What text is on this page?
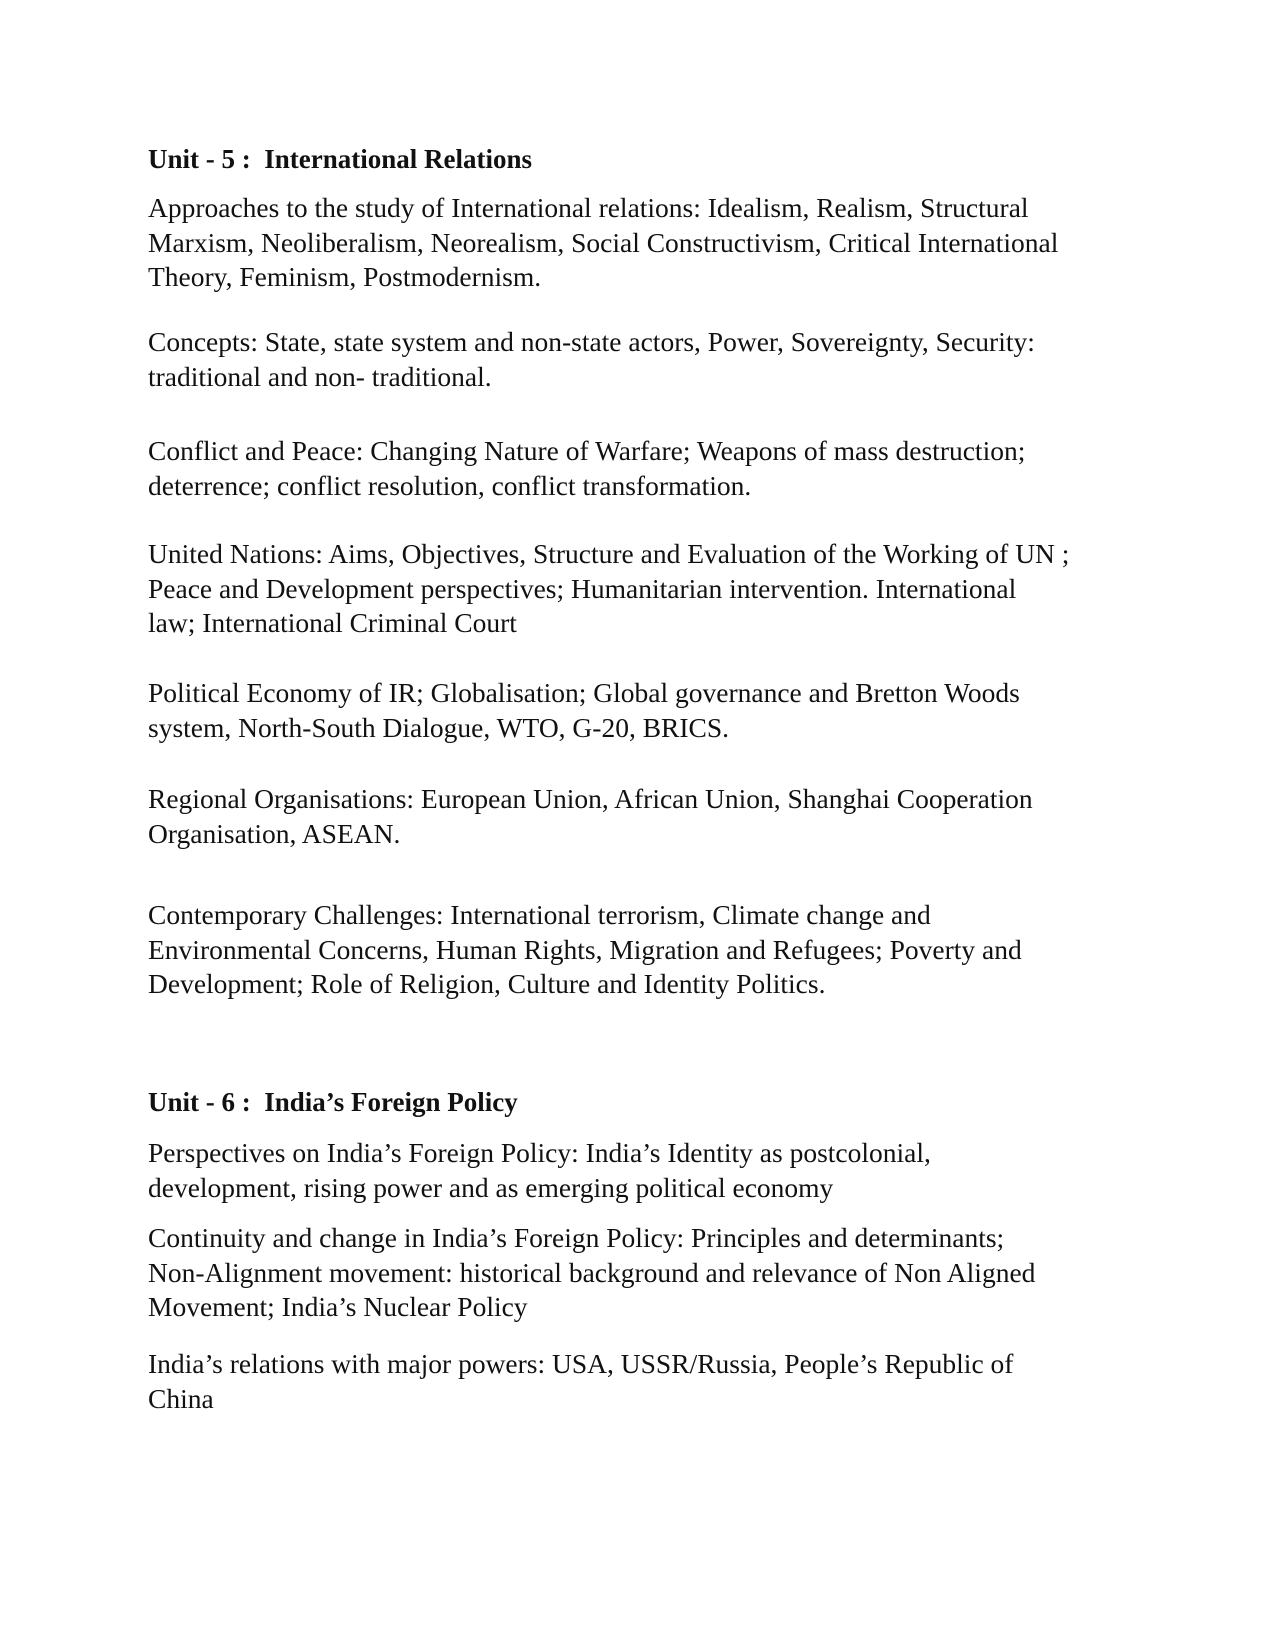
Unit - 5 :  International Relations

Approaches to the study of International relations: Idealism, Realism, Structural
Marxism, Neoliberalism, Neorealism, Social Constructivism, Critical International
Theory, Feminism, Postmodernism.

Concepts: State, state system and non-state actors, Power, Sovereignty, Security:
traditional and non- traditional.

Conflict and Peace: Changing Nature of Warfare; Weapons of mass destruction;
deterrence; conflict resolution, conflict transformation.

United Nations: Aims, Objectives, Structure and Evaluation of the Working of UN ;
Peace and Development perspectives; Humanitarian intervention. International
law; International Criminal Court

Political Economy of IR; Globalisation; Global governance and Bretton Woods
system, North-South Dialogue, WTO, G-20, BRICS.

Regional Organisations: European Union, African Union, Shanghai Cooperation
Organisation, ASEAN.

Contemporary Challenges: International terrorism, Climate change and
Environmental Concerns, Human Rights, Migration and Refugees; Poverty and
Development; Role of Religion, Culture and Identity Politics.

Unit - 6 :  India’s Foreign Policy

Perspectives on India’s Foreign Policy: India’s Identity as postcolonial,
development, rising power and as emerging political economy

Continuity and change in India’s Foreign Policy: Principles and determinants;
Non-Alignment movement: historical background and relevance of Non Aligned
Movement; India’s Nuclear Policy

India’s relations with major powers: USA, USSR/Russia, People’s Republic of
China
